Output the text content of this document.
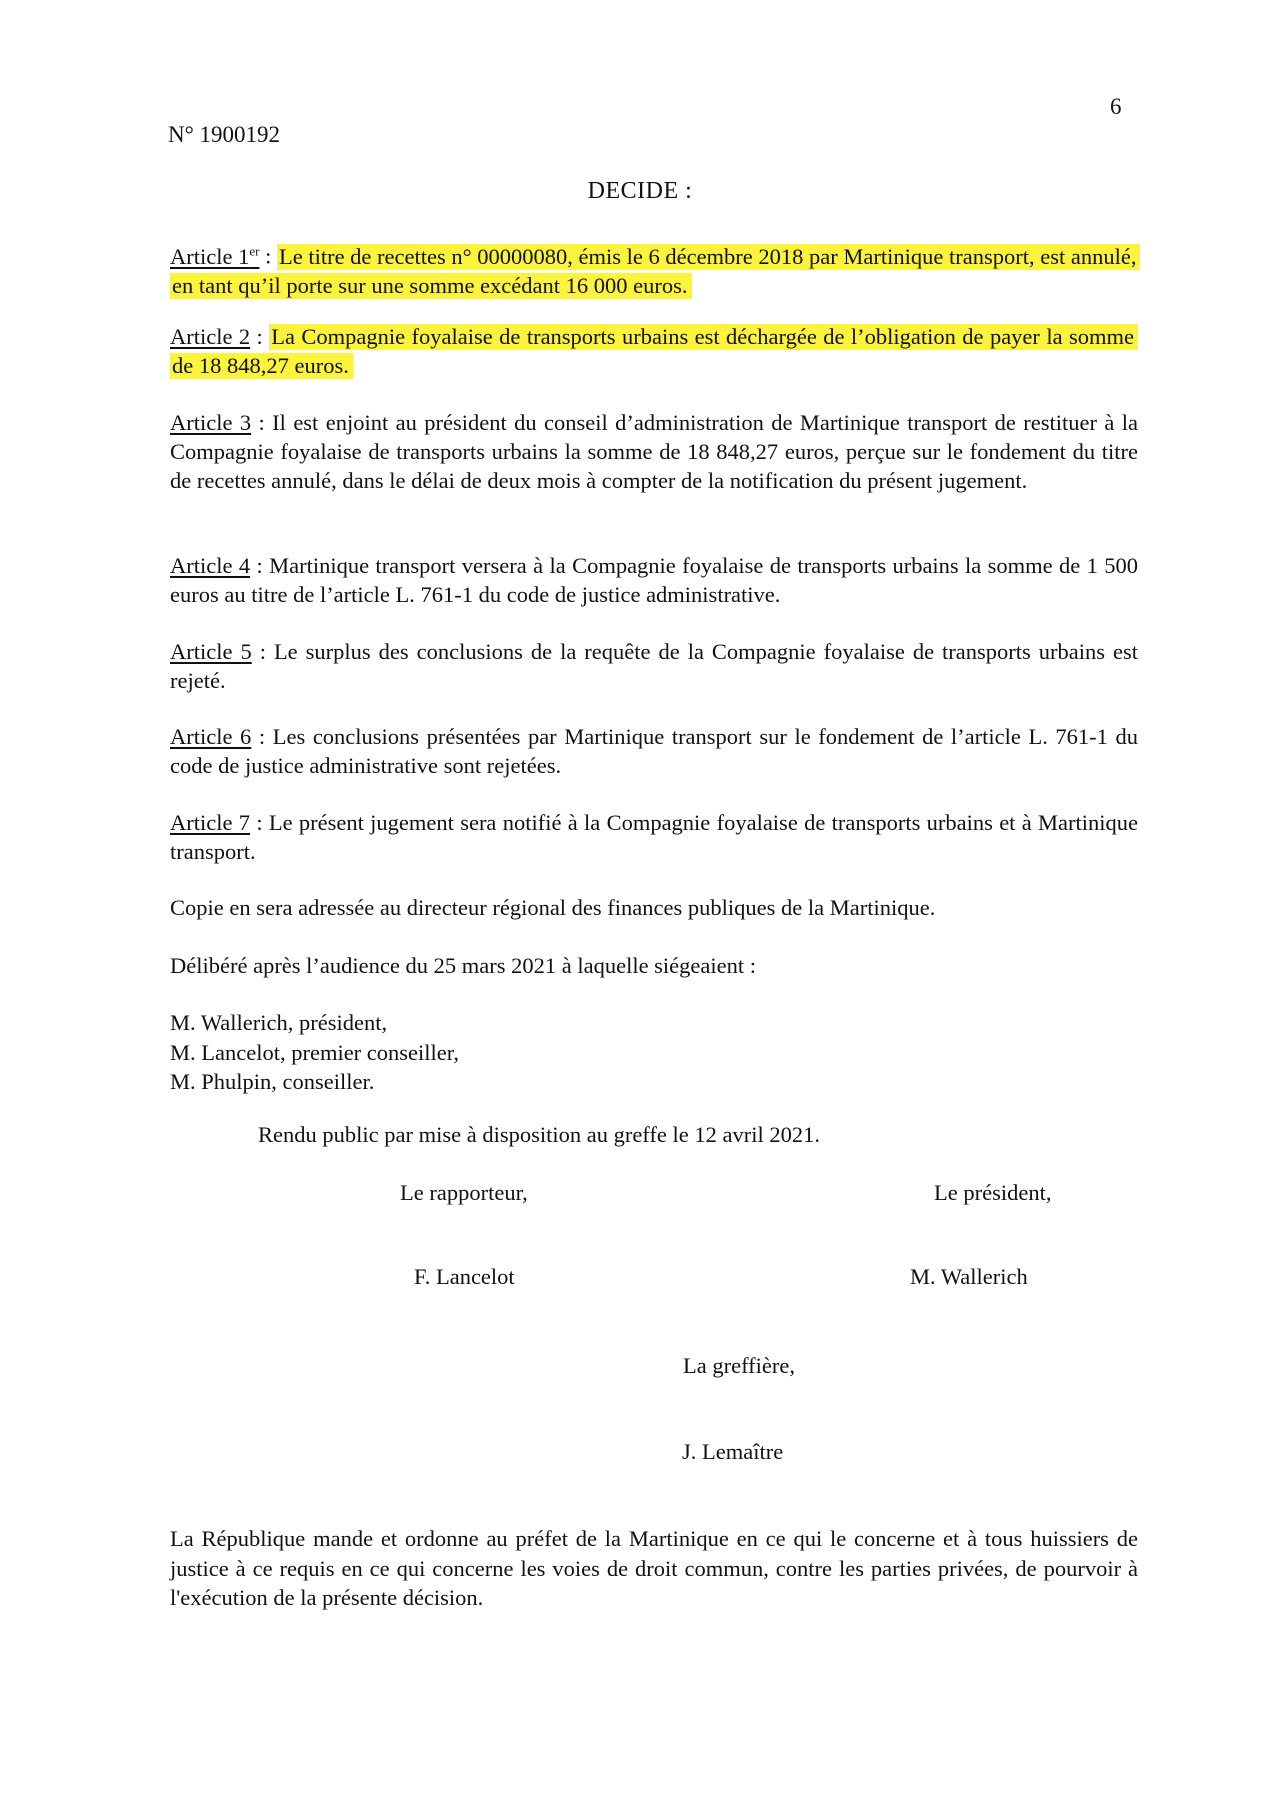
6
N° 1900192
DECIDE :
Article 1er : Le titre de recettes n° 00000080, émis le 6 décembre 2018 par Martinique transport, est annulé, en tant qu’il porte sur une somme excédant 16 000 euros.
Article 2 : La Compagnie foyalaise de transports urbains est déchargée de l’obligation de payer la somme de 18 848,27 euros.
Article 3 : Il est enjoint au président du conseil d’administration de Martinique transport de restituer à la Compagnie foyalaise de transports urbains la somme de 18 848,27 euros, perçue sur le fondement du titre de recettes annulé, dans le délai de deux mois à compter de la notification du présent jugement.
Article 4 : Martinique transport versera à la Compagnie foyalaise de transports urbains la somme de 1 500 euros au titre de l’article L. 761-1 du code de justice administrative.
Article 5 : Le surplus des conclusions de la requête de la Compagnie foyalaise de transports urbains est rejeté.
Article 6 : Les conclusions présentées par Martinique transport sur le fondement de l’article L. 761-1 du code de justice administrative sont rejetées.
Article 7 : Le présent jugement sera notifié à la Compagnie foyalaise de transports urbains et à Martinique transport.
Copie en sera adressée au directeur régional des finances publiques de la Martinique.
Délibéré après l’audience du 25 mars 2021 à laquelle siégeaient :
M. Wallerich, président,
M. Lancelot, premier conseiller,
M. Phulpin, conseiller.
Rendu public par mise à disposition au greffe le 12 avril 2021.
Le rapporteur,	Le président,
F. Lancelot	M. Wallerich
La greffière,
J. Lemaître
La République mande et ordonne au préfet de la Martinique en ce qui le concerne et à tous huissiers de justice à ce requis en ce qui concerne les voies de droit commun, contre les parties privées, de pourvoir à l'exécution de la présente décision.
